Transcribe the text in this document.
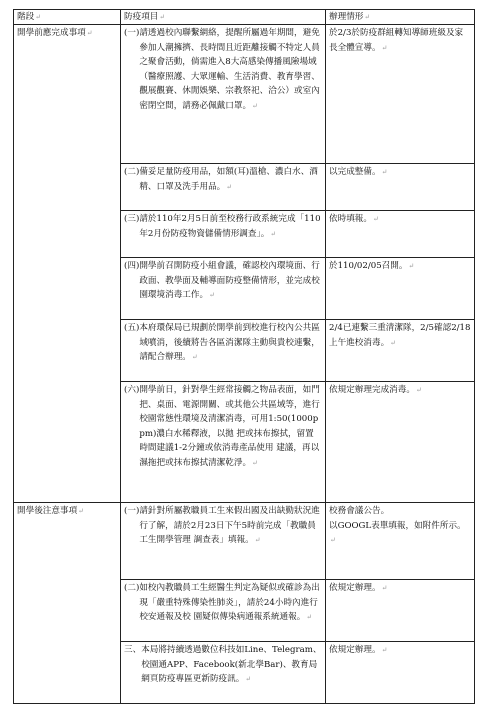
階段↵	防疫項目↵	辦理情形↵
開學前應完成事項↵	(一) 請透過校內聯繫網絡，提醒所屬過年期間，避免參加人潮擁擠、長時間且近距離接觸不特定人員之聚會活動，倘需進入8大高感染傳播風險場域（醫療照護、大眾運輸、生活消費、教育學習、觀展觀賽、休閒娛樂、宗教祭祀、洽公）或室內密閉空間，請務必佩戴口罩。↵	於2/3於防疫群組轉知導師班級及家長全體宣導。↵

	(二) 備妥足量防疫用品，如額(耳)溫槍、濃白水、酒精、口罩及洗手用品。↵	以完成整備。↵

	(三) 請於110年2月5日前至校務行政系統完成「110年2月份防疫物資儲備情形調查」。↵	依時填報。↵

	(四) 開學前召開防疫小組會議，確認校內環境面、行政面、教學面及輔導面防疫整備情形，並完成校園環境消毒工作。↵	於110/02/05召開。↵

	(五) 本府環保局已規劃於開學前到校進行校內公共區域噴消，後續將告各區消潔隊主動與貴校連繫，請配合辦理。↵	2/4已連繫三重清潔隊，2/5確認2/18上午進校消毒。↵

	(六) 開學前日，針對學生經常接觸之物品表面，如門把、桌面、電源開關、或其他公共區域等，進行校園常態性環境及清潔消毒，可用1:50(1000ppm)濃白水稀釋液，以拋 把或抹布擦拭，留置時間建議1-2分鐘或依消毒產品使用 建議，再以濕拖把或抹布擦拭清潔乾淨。↵	依規定辦理完成消毒。↵
開學後注意事項↵	(一) 請針對所屬教職員工生來假出國及出缺勤狀況進行了解，請於2月23日下午5時前完成「教職員工生開學管理 調查表」填報。↵	校務會議公告。
以GOOGL表單填報，如附件所示。↵

	(二) 如校內教職員工生經醫生判定為疑似或確診為出現「嚴重特殊傳染性肺炎」，請於24小時內進行校安通報及校 園疑似傳染病通報系統通報。↵	依規定辦理。↵

	三、 本局將持續透過數位科技如Line、Telegram、校園通APP、Facebook(新北學Bar)、教育局網頁防疫專區更新防疫訊。↵	依規定辦理。↵
